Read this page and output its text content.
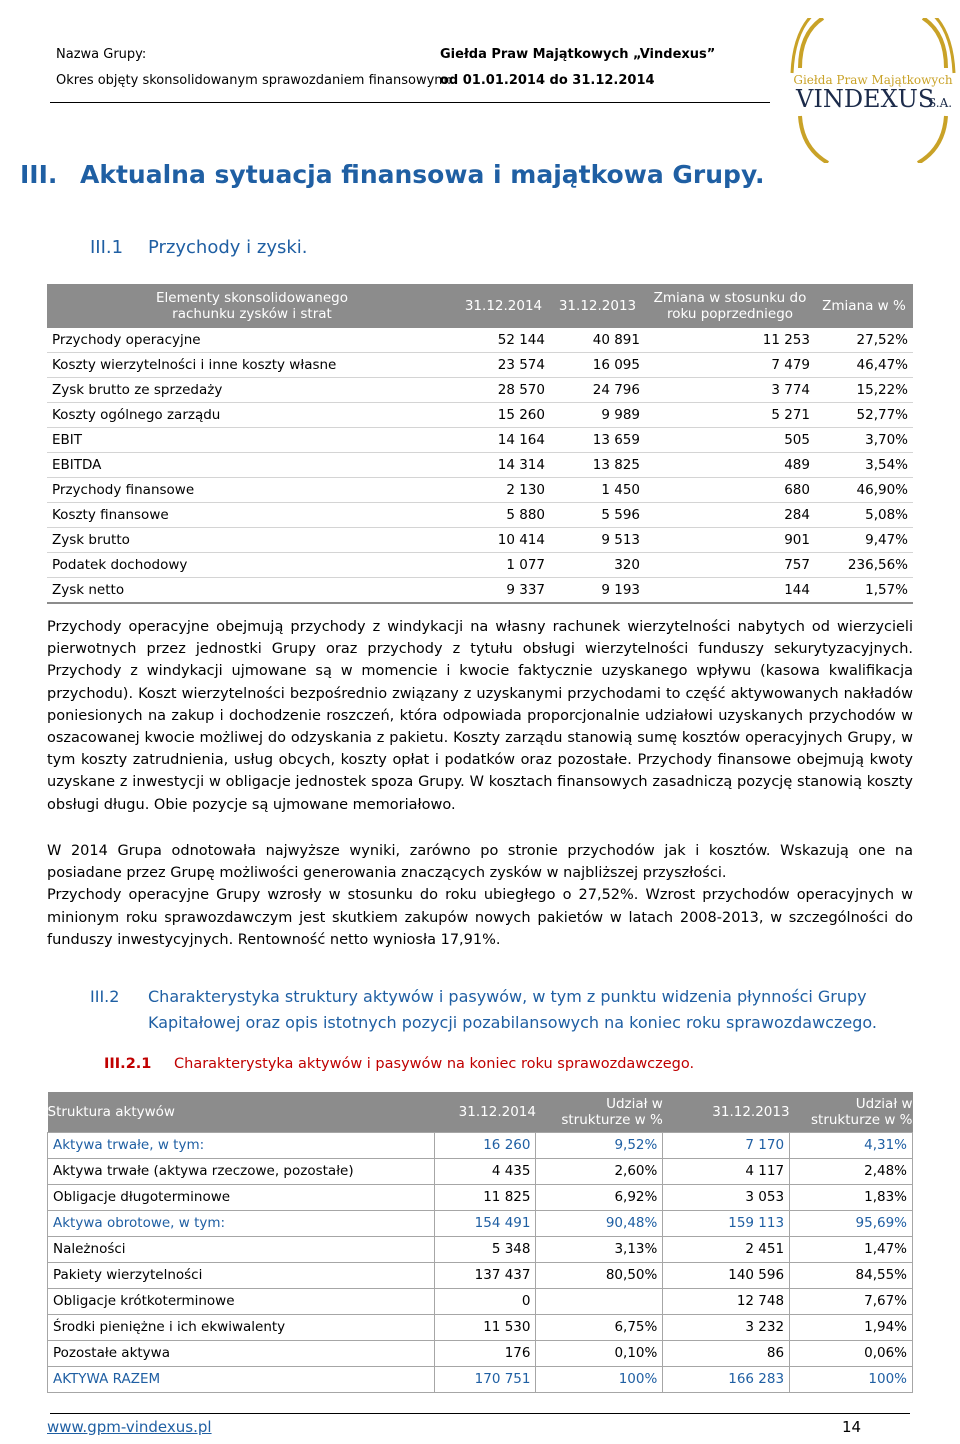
Nazwa Grupy:	Giełda Praw Majątkowych „Vindexus”
Okres objęty skonsolidowanym sprawozdaniem finansowym:
od 01.01.2014 do 31.12.2014	Giełda Praw Majątkowych
VINDEXUS
S.A.
III. Aktualna sytuacja finansowa i majątkowa Grupy.
III.1 Przychody i zyski.
Elementy skonsolidowanego
rachunku zysków i strat	31.12.2014	31.12.2013	Zmiana w stosunku do
roku poprzedniego	Zmiana w %
Przychody operacyjne	52 144	40 891	11 253	27,52%
Koszty wierzytelności i inne koszty własne	23 574	16 095	7 479	46,47%
Zysk brutto ze sprzedaży	28 570	24 796	3 774	15,22%
Koszty ogólnego zarządu	15 260	9 989	5 271	52,77%
EBIT	14 164	13 659	505	3,70%
EBITDA	14 314	13 825	489	3,54%
Przychody finansowe	2 130	1 450	680	46,90%
Koszty finansowe	5 880	5 596	284	5,08%
Zysk brutto	10 414	9 513	901	9,47%
Podatek dochodowy	1 077	320	757	236,56%
Zysk netto	9 337	9 193	144	1,57%
Przychody operacyjne obejmują przychody z windykacji na własny rachunek wierzytelności nabytych od wierzycieli pierwotnych przez jednostki Grupy oraz przychody z tytułu obsługi wierzytelności funduszy sekurytyzacyjnych. Przychody z windykacji ujmowane są w momencie i kwocie faktycznie uzyskanego wpływu (kasowa kwalifikacja przychodu). Koszt wierzytelności bezpośrednio związany z uzyskanymi przychodami to część aktywowanych nakładów poniesionych na zakup i dochodzenie roszczeń, która odpowiada proporcjonalnie udziałowi uzyskanych przychodów w oszacowanej kwocie możliwej do odzyskania z pakietu. Koszty zarządu stanowią sumę kosztów operacyjnych Grupy, w tym koszty zatrudnienia, usług obcych, koszty opłat i podatków oraz pozostałe. Przychody finansowe obejmują kwoty uzyskane z inwestycji w obligacje jednostek spoza Grupy. W kosztach finansowych zasadniczą pozycję stanowią koszty obsługi długu. Obie pozycje są ujmowane memoriałowo.
W 2014 Grupa odnotowała najwyższe wyniki, zarówno po stronie przychodów jak i kosztów. Wskazują one na posiadane przez Grupę możliwości generowania znaczących zysków w najbliższej przyszłości.
Przychody operacyjne Grupy wzrosły w stosunku do roku ubiegłego o 27,52%. Wzrost przychodów operacyjnych w minionym roku sprawozdawczym jest skutkiem zakupów nowych pakietów w latach 2008-2013, w szczególności do funduszy inwestycyjnych. Rentowność netto wyniosła 17,91%.
III.2 Charakterystyka struktury aktywów i pasywów, w tym z punktu widzenia płynności Grupy Kapitałowej oraz opis istotnych pozycji pozabilansowych na koniec roku sprawozdawczego.
III.2.1 Charakterystyka aktywów i pasywów na koniec roku sprawozdawczego.
Struktura aktywów	31.12.2014	Udział w
strukturze w %	31.12.2013	Udział w
strukturze w %
Aktywa trwałe, w tym:	16 260	9,52%	7 170	4,31%
Aktywa trwałe (aktywa rzeczowe, pozostałe)	4 435	2,60%	4 117	2,48%
Obligacje długoterminowe	11 825	6,92%	3 053	1,83%
Aktywa obrotowe, w tym:	154 491	90,48%	159 113	95,69%
Należności	5 348	3,13%	2 451	1,47%
Pakiety wierzytelności	137 437	80,50%	140 596	84,55%
Obligacje krótkoterminowe	0		12 748	7,67%
Środki pieniężne i ich ekwiwalenty	11 530	6,75%	3 232	1,94%
Pozostałe aktywa	176	0,10%	86	0,06%
AKTYWA RAZEM	170 751	100%	166 283	100%
www.gpm-vindexus.pl	14
